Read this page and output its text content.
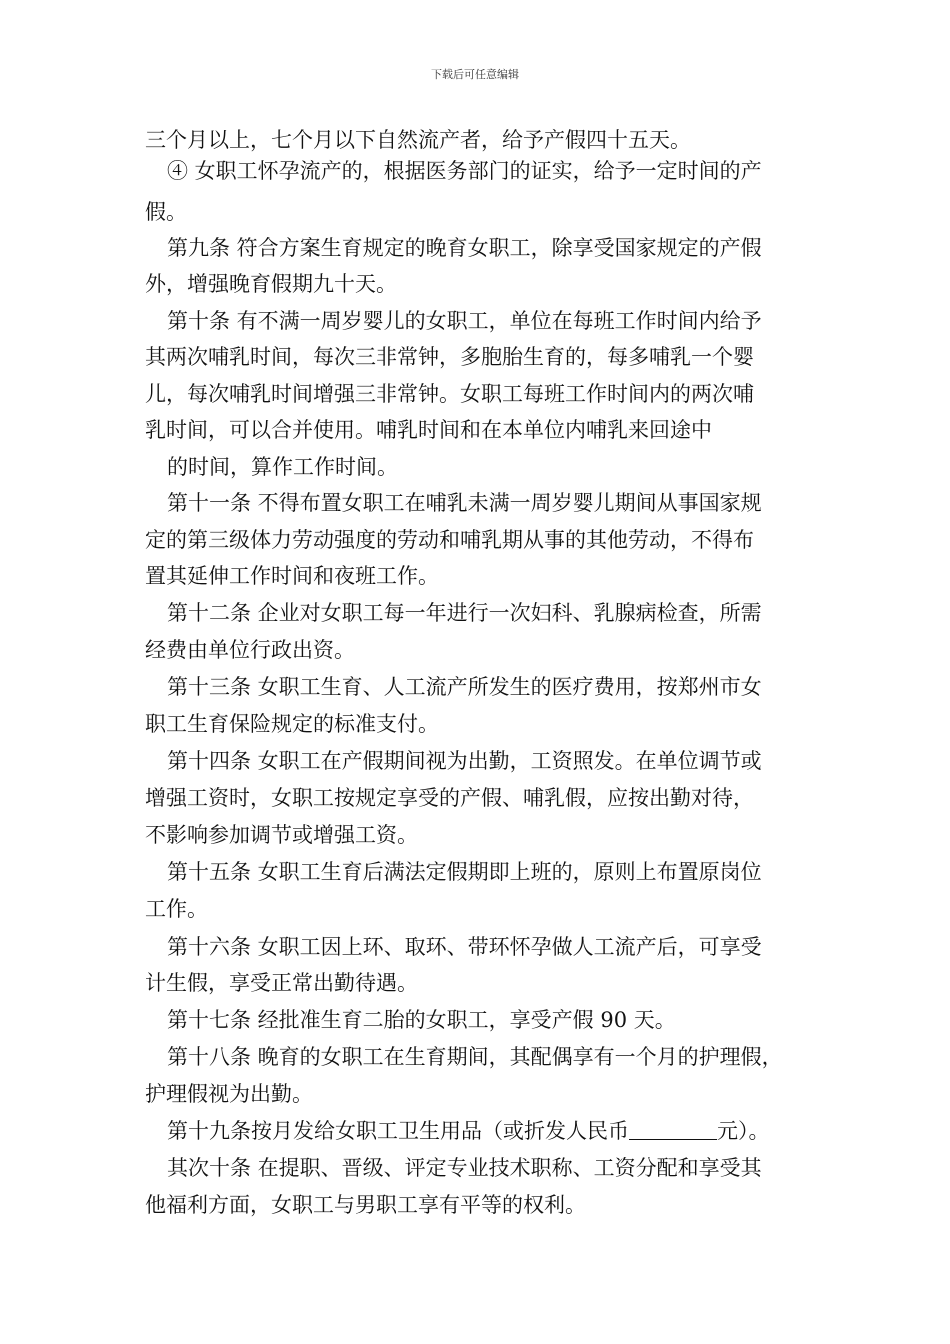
下载后可任意编辑
三个月以上，七个月以下自然流产者，给予产假四十五天。
④ 女职工怀孕流产的，根据医务部门的证实，给予一定时间的产
假。
第九条 符合方案生育规定的晚育女职工，除享受国家规定的产假
外，增强晚育假期九十天。
第十条 有不满一周岁婴儿的女职工，单位在每班工作时间内给予
其两次哺乳时间，每次三非常钟，多胞胎生育的，每多哺乳一个婴
儿，每次哺乳时间增强三非常钟。女职工每班工作时间内的两次哺
乳时间，可以合并使用。哺乳时间和在本单位内哺乳来回途中
的时间，算作工作时间。
第十一条 不得布置女职工在哺乳未满一周岁婴儿期间从事国家规
定的第三级体力劳动强度的劳动和哺乳期从事的其他劳动，不得布
置其延伸工作时间和夜班工作。
第十二条 企业对女职工每一年进行一次妇科、乳腺病检查，所需
经费由单位行政出资。
第十三条 女职工生育、人工流产所发生的医疗费用，按郑州市女
职工生育保险规定的标准支付。
第十四条 女职工在产假期间视为出勤，工资照发。在单位调节或
增强工资时，女职工按规定享受的产假、哺乳假，应按出勤对待，
不影响参加调节或增强工资。
第十五条 女职工生育后满法定假期即上班的，原则上布置原岗位
工作。
第十六条 女职工因上环、取环、带环怀孕做人工流产后，可享受
计生假，享受正常出勤待遇。
第十七条 经批准生育二胎的女职工，享受产假 90 天。
第十八条 晚育的女职工在生育期间，其配偶享有一个月的护理假，
护理假视为出勤。
第十九条按月发给女职工卫生用品（或折发人民币	元）。
其次十条 在提职、晋级、评定专业技术职称、工资分配和享受其
他福利方面，女职工与男职工享有平等的权利。
